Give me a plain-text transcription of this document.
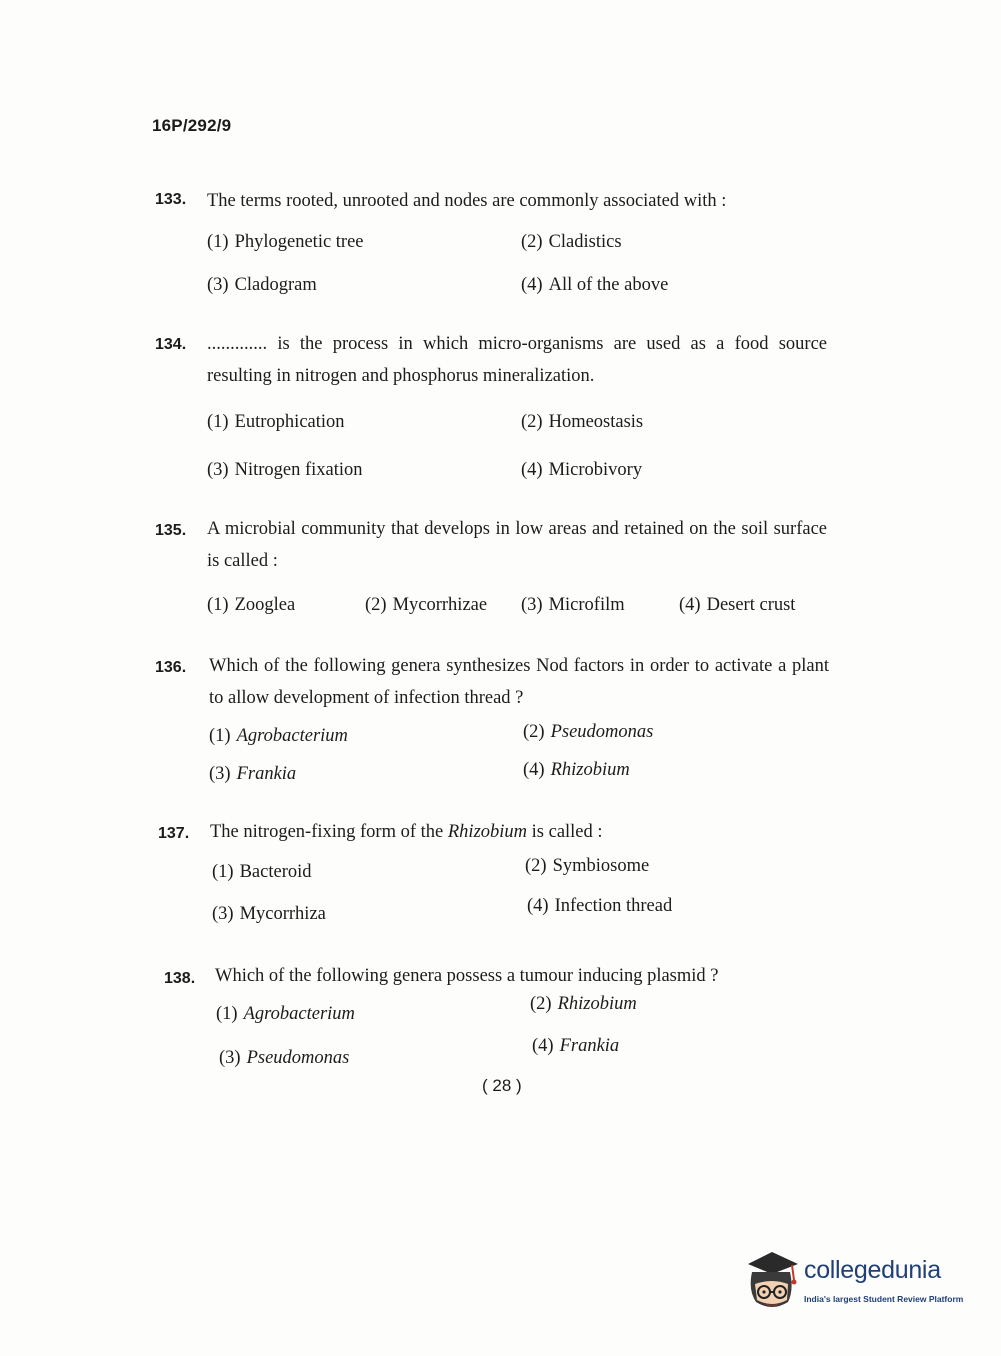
16P/292/9
133. The terms rooted, unrooted and nodes are commonly associated with :
(1) Phylogenetic tree	(2) Cladistics
(3) Cladogram	(4) All of the above
134. ............. is the process in which micro-organisms are used as a food source resulting in nitrogen and phosphorus mineralization.
(1) Eutrophication	(2) Homeostasis
(3) Nitrogen fixation	(4) Microbivory
135. A microbial community that develops in low areas and retained on the soil surface is called :
(1) Zooglea	(2) Mycorrhizae (3) Microfilm	(4) Desert crust
136. Which of the following genera synthesizes Nod factors in order to activate a plant to allow development of infection thread ?
(1) Agrobacterium	(2) Pseudomonas
(3) Frankia	(4) Rhizobium
137. The nitrogen-fixing form of the Rhizobium is called :
(1) Bacteroid	(2) Symbiosome
(3) Mycorrhiza	(4) Infection thread
138. Which of the following genera possess a tumour inducing plasmid ?
(1) Agrobacterium	(2) Rhizobium
(3) Pseudomonas
(4) Frankia
( 28 )
collegedunia
India's largest Student Review Platform
